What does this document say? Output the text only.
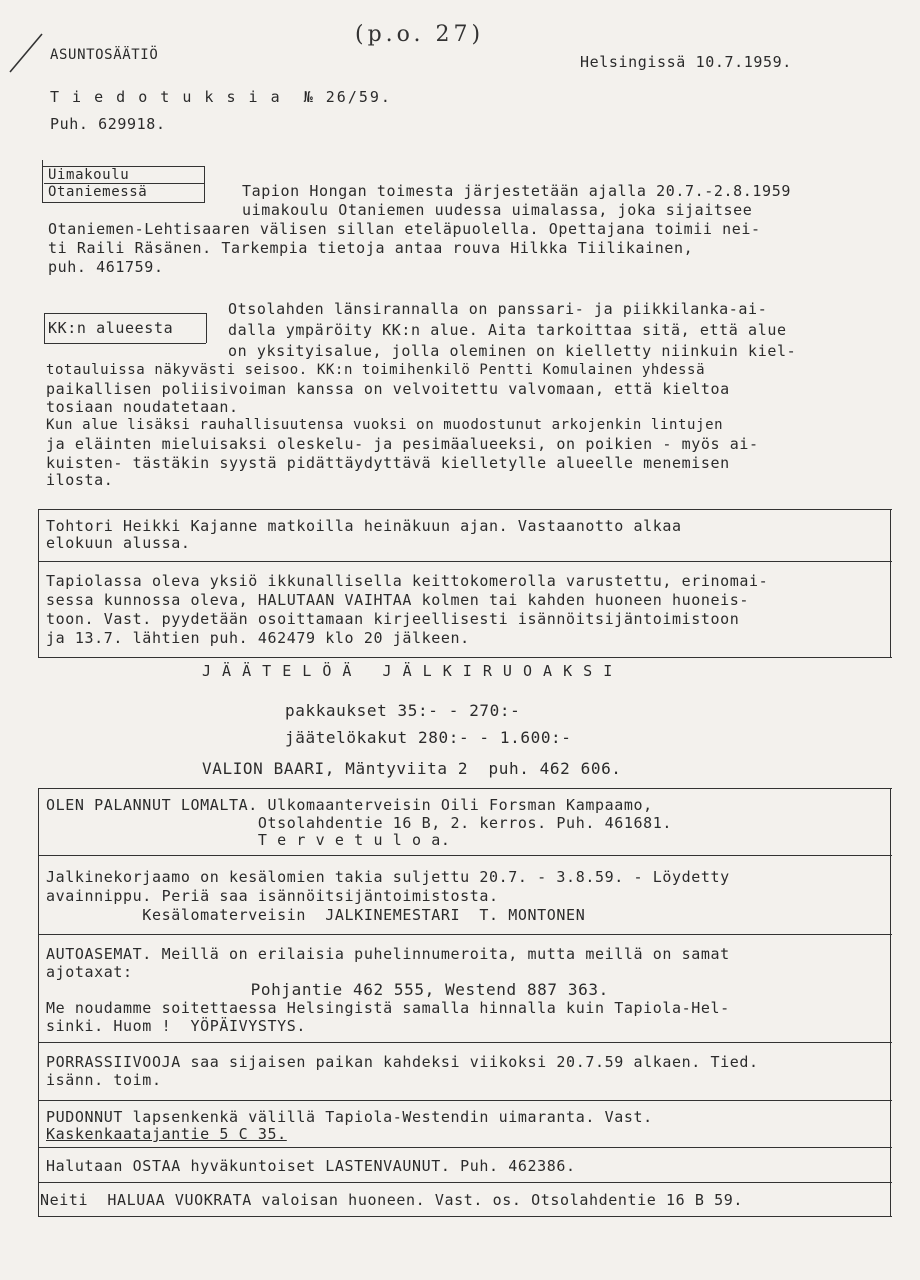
ASUNTOSÄÄTIÖ
(p.o. 27)
Helsingissä 10.7.1959.
T i e d o t u k s i a  № 26/59.
Puh. 629918.
Uimakoulu
Otaniemessä	Tapion Hongan toimesta järjestetään ajalla 20.7.-2.8.1959
uimakoulu Otaniemen uudessa uimalassa, joka sijaitsee
Otaniemen-Lehtisaaren välisen sillan eteläpuolella. Opettajana toimii nei-
ti Raili Räsänen. Tarkempia tietoja antaa rouva Hilkka Tiilikainen,
puh. 461759.
KK:n alueesta
Otsolahden länsirannalla on panssari- ja piikkilanka-ai-
dalla ympäröity KK:n alue. Aita tarkoittaa sitä, että alue
on yksityisalue, jolla oleminen on kielletty niinkuin kiel-
totauluissa näkyvästi seisoo. KK:n toimihenkilö Pentti Komulainen yhdessä
paikallisen poliisivoiman kanssa on velvoitettu valvomaan, että kieltoa
tosiaan noudatetaan.
Kun alue lisäksi rauhallisuutensa vuoksi on muodostunut arkojenkin lintujen
ja eläinten mieluisaksi oleskelu- ja pesimäalueeksi, on poikien - myös ai-
kuisten- tästäkin syystä pidättäydyttävä kielletylle alueelle menemisen
ilosta.
Tohtori Heikki Kajanne matkoilla heinäkuun ajan. Vastaanotto alkaa
elokuun alussa.
Tapiolassa oleva yksiö ikkunallisella keittokomerolla varustettu, erinomai-
sessa kunnossa oleva, HALUTAAN VAIHTAA kolmen tai kahden huoneen huoneis-
toon. Vast. pyydetään osoittamaan kirjeellisesti isännöitsijäntoimistoon
ja 13.7. lähtien puh. 462479 klo 20 jälkeen.
J Ä Ä T E L Ö Ä   J Ä L K I R U O A K S I
pakkaukset 35:- - 270:-
jäätelökakut 280:- - 1.600:-
VALION BAARI, Mäntyviita 2  puh. 462 606.
OLEN PALANNUT LOMALTA. Ulkomaanterveisin Oili Forsman Kampaamo,
Otsolahdentie 16 B, 2. kerros. Puh. 461681.
T e r v e t u l o a.
Jalkinekorjaamo on kesälomien takia suljettu 20.7. - 3.8.59. - Löydetty
avainnippu. Periä saa isännöitsijäntoimistosta.
Kesälomaterveisin  JALKINEMESTARI  T. MONTONEN
AUTOASEMAT. Meillä on erilaisia puhelinnumeroita, mutta meillä on samat
ajotaxat:
Pohjantie 462 555, Westend 887 363.
Me noudamme soitettaessa Helsingistä samalla hinnalla kuin Tapiola-Hel-
sinki. Huom !  YÖPÄIVYSTYS.
PORRASSIIVOOJA saa sijaisen paikan kahdeksi viikoksi 20.7.59 alkaen. Tied.
isänn. toim.
PUDONNUT lapsenkenkä välillä Tapiola-Westendin uimaranta. Vast.
Kaskenkaatajantie 5 C 35.
Halutaan OSTAA hyväkuntoiset LASTENVAUNUT. Puh. 462386.
Neiti  HALUAA VUOKRATA valoisan huoneen. Vast. os. Otsolahdentie 16 B 59.
